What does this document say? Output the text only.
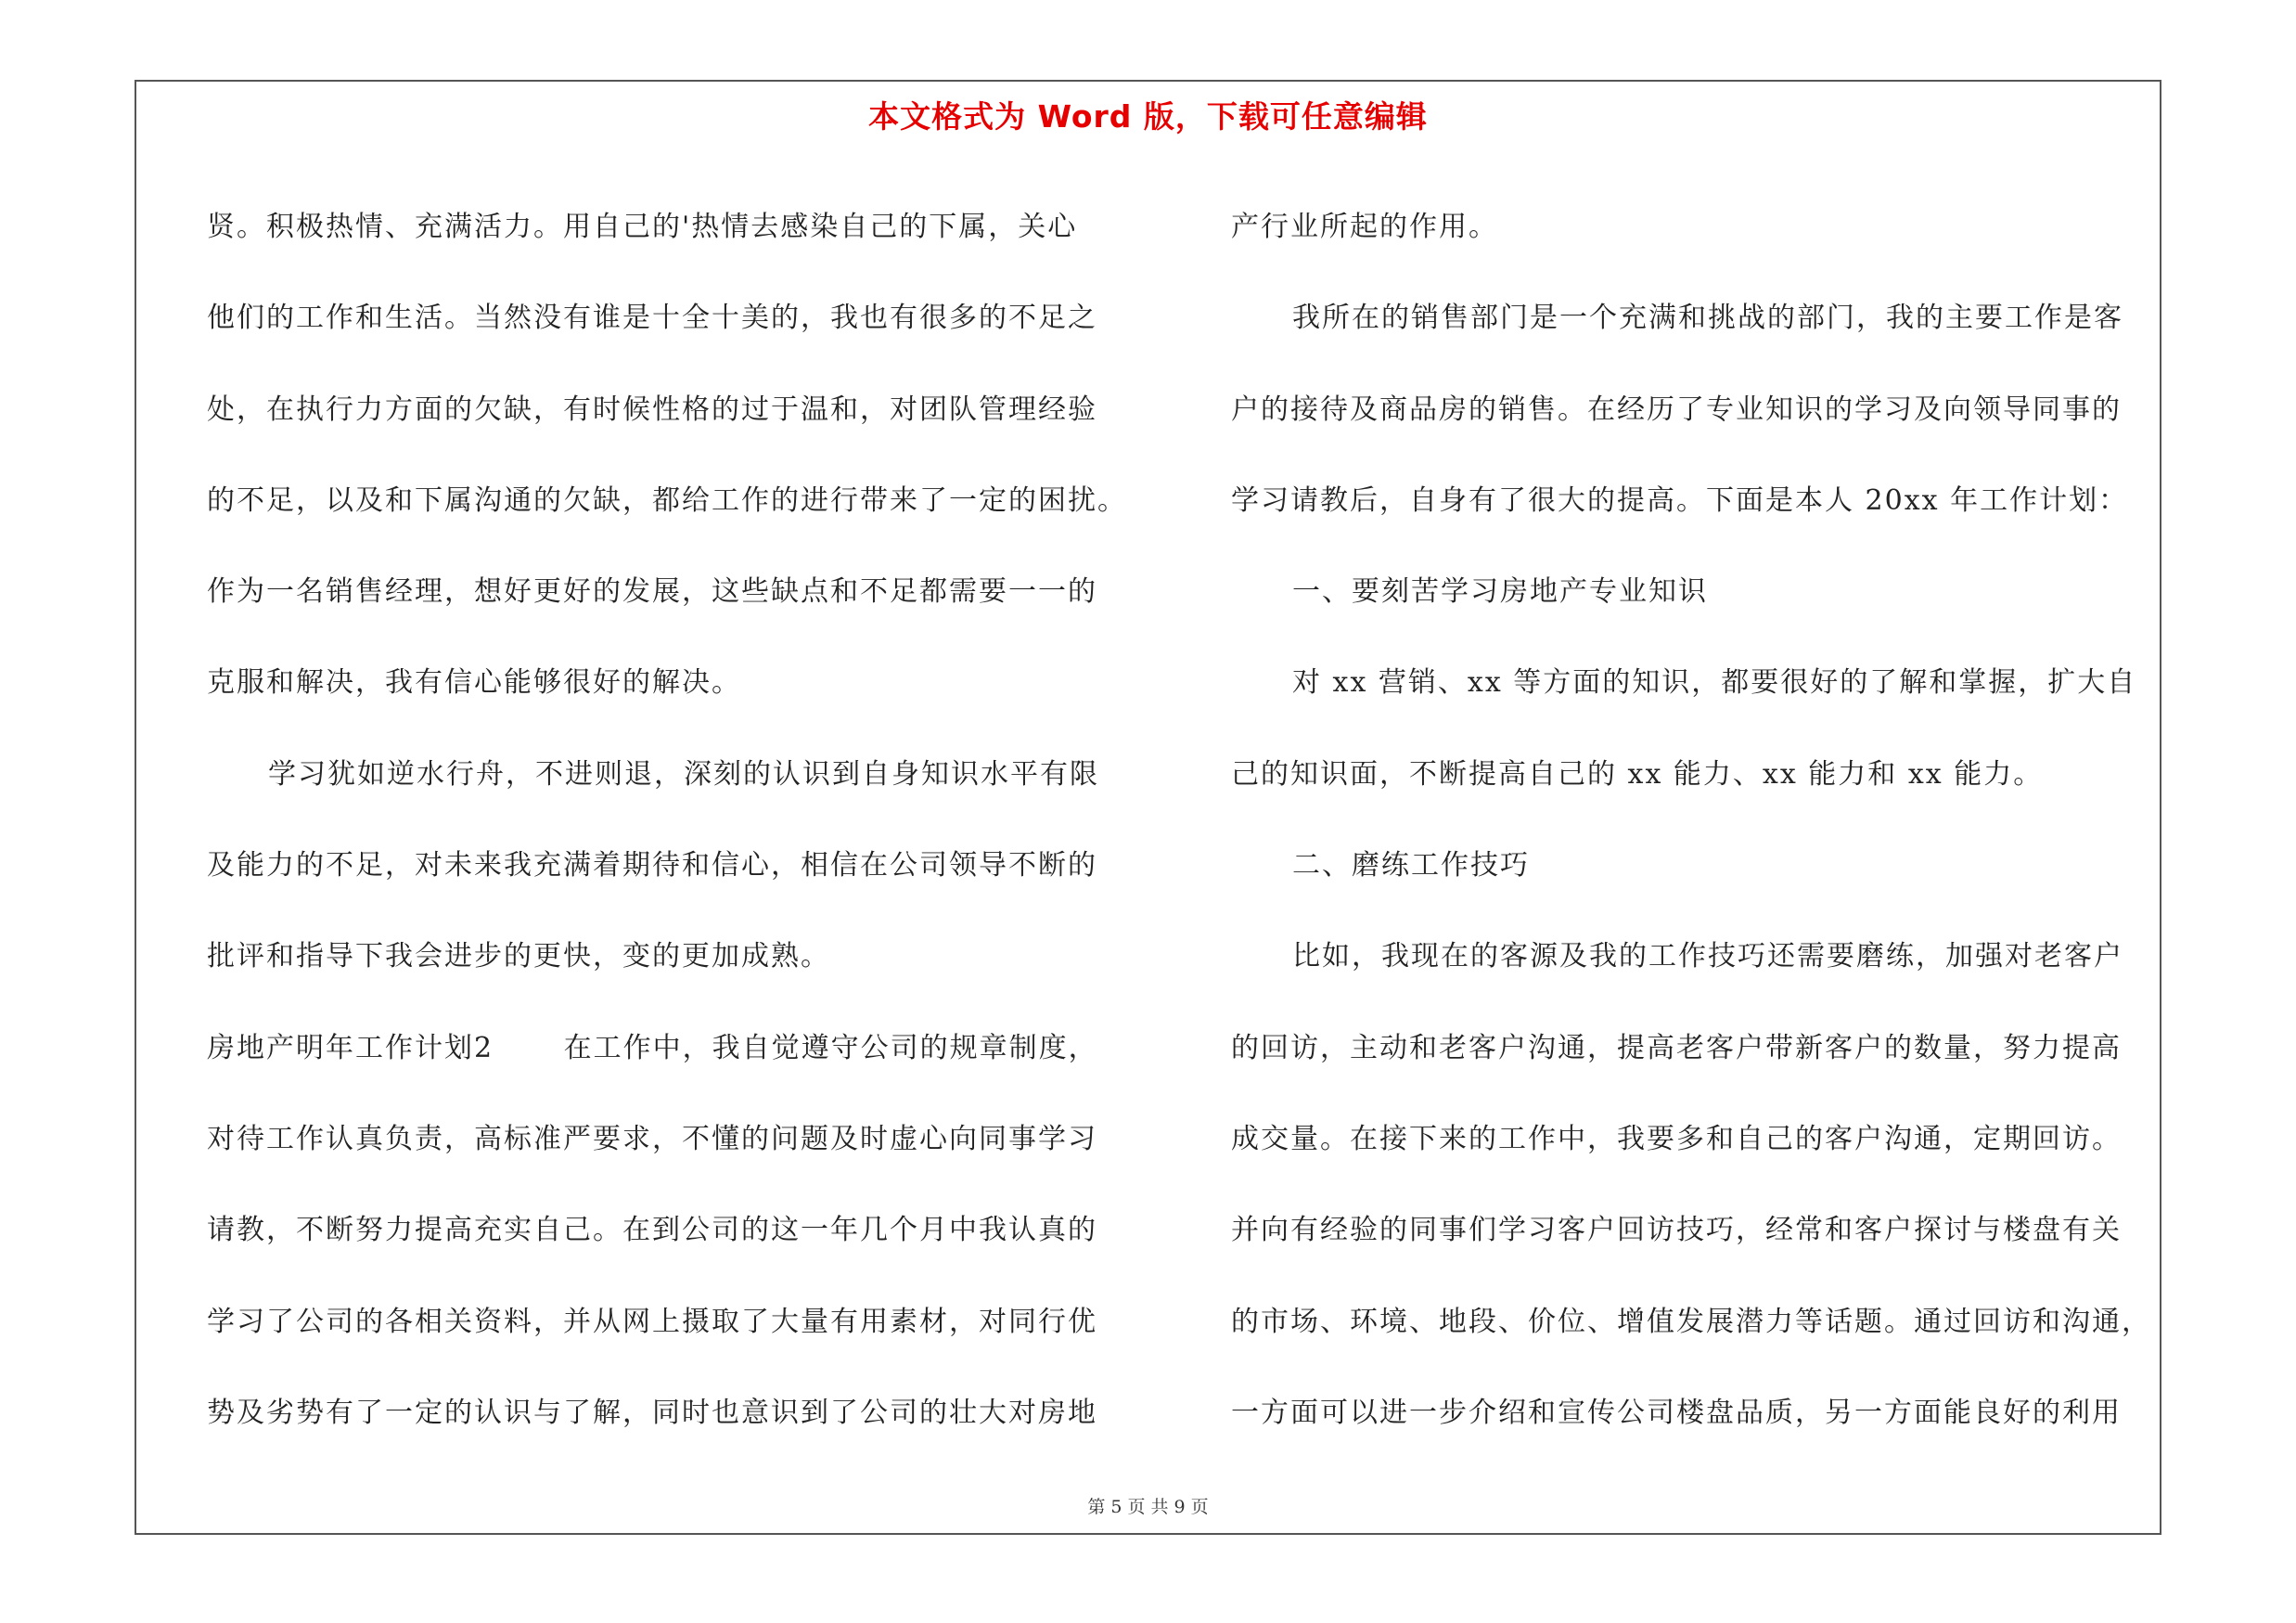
本文格式为 Word 版，下载可任意编辑
第 5 页 共 9 页
贤。积极热情、充满活力。用自己的'热情去感染自己的下属，关心
他们的工作和生活。当然没有谁是十全十美的，我也有很多的不足之
处，在执行力方面的欠缺，有时候性格的过于温和，对团队管理经验
的不足，以及和下属沟通的欠缺，都给工作的进行带来了一定的困扰。
作为一名销售经理，想好更好的发展，这些缺点和不足都需要一一的
克服和解决，我有信心能够很好的解决。
学习犹如逆水行舟，不进则退，深刻的认识到自身知识水平有限
及能力的不足，对未来我充满着期待和信心，相信在公司领导不断的
批评和指导下我会进步的更快，变的更加成熟。
房地产明年工作计划2 　　在工作中，我自觉遵守公司的规章制度，
对待工作认真负责，高标准严要求，不懂的问题及时虚心向同事学习
请教，不断努力提高充实自己。在到公司的这一年几个月中我认真的
学习了公司的各相关资料，并从网上摄取了大量有用素材，对同行优
势及劣势有了一定的认识与了解，同时也意识到了公司的壮大对房地
产行业所起的作用。
我所在的销售部门是一个充满和挑战的部门，我的主要工作是客
户的接待及商品房的销售。在经历了专业知识的学习及向领导同事的
学习请教后，自身有了很大的提高。下面是本人 20xx 年工作计划：
一、要刻苦学习房地产专业知识
对 xx 营销、xx 等方面的知识，都要很好的了解和掌握，扩大自
己的知识面，不断提高自己的 xx 能力、xx 能力和 xx 能力。
二、磨练工作技巧
比如，我现在的客源及我的工作技巧还需要磨练，加强对老客户
的回访，主动和老客户沟通，提高老客户带新客户的数量，努力提高
成交量。在接下来的工作中，我要多和自己的客户沟通，定期回访。
并向有经验的同事们学习客户回访技巧，经常和客户探讨与楼盘有关
的市场、环境、地段、价位、增值发展潜力等话题。通过回访和沟通，
一方面可以进一步介绍和宣传公司楼盘品质，另一方面能良好的利用
